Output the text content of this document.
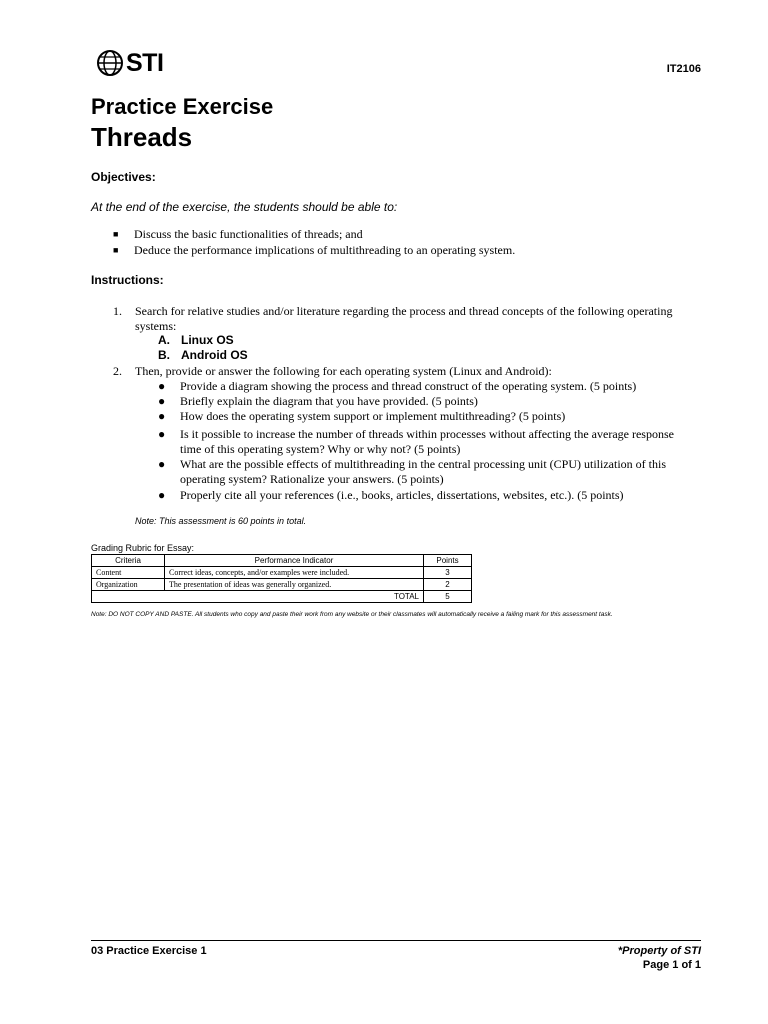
STI	IT2106
Practice Exercise
Threads
Objectives:
At the end of the exercise, the students should be able to:
■ Discuss the basic functionalities of threads; and
■ Deduce the performance implications of multithreading to an operating system.
Instructions:
1. Search for relative studies and/or literature regarding the process and thread concepts of the following operating
systems:
A. Linux OS
B. Android OS
2. Then, provide or answer the following for each operating system (Linux and Android):
● Provide a diagram showing the process and thread construct of the operating system. (5 points)
● Briefly explain the diagram that you have provided. (5 points)
● How does the operating system support or implement multithreading? (5 points)
● Is it possible to increase the number of threads within processes without affecting the average response
time of this operating system? Why or why not? (5 points)
● What are the possible effects of multithreading in the central processing unit (CPU) utilization of this
operating system? Rationalize your answers. (5 points)
● Properly cite all your references (i.e., books, articles, dissertations, websites, etc.). (5 points)
Note: This assessment is 60 points in total.
Grading Rubric for Essay:
Criteria	Performance Indicator	Points
Content	Correct ideas, concepts, and/or examples were included.	3
Organization	The presentation of ideas was generally organized.	2
TOTAL		5
Note: DO NOT COPY AND PASTE. All students who copy and paste their work from any website or their classmates will automatically receive a failing mark for this assessment task.
03 Practice Exercise 1	*Property of STI
Page 1 of 1
